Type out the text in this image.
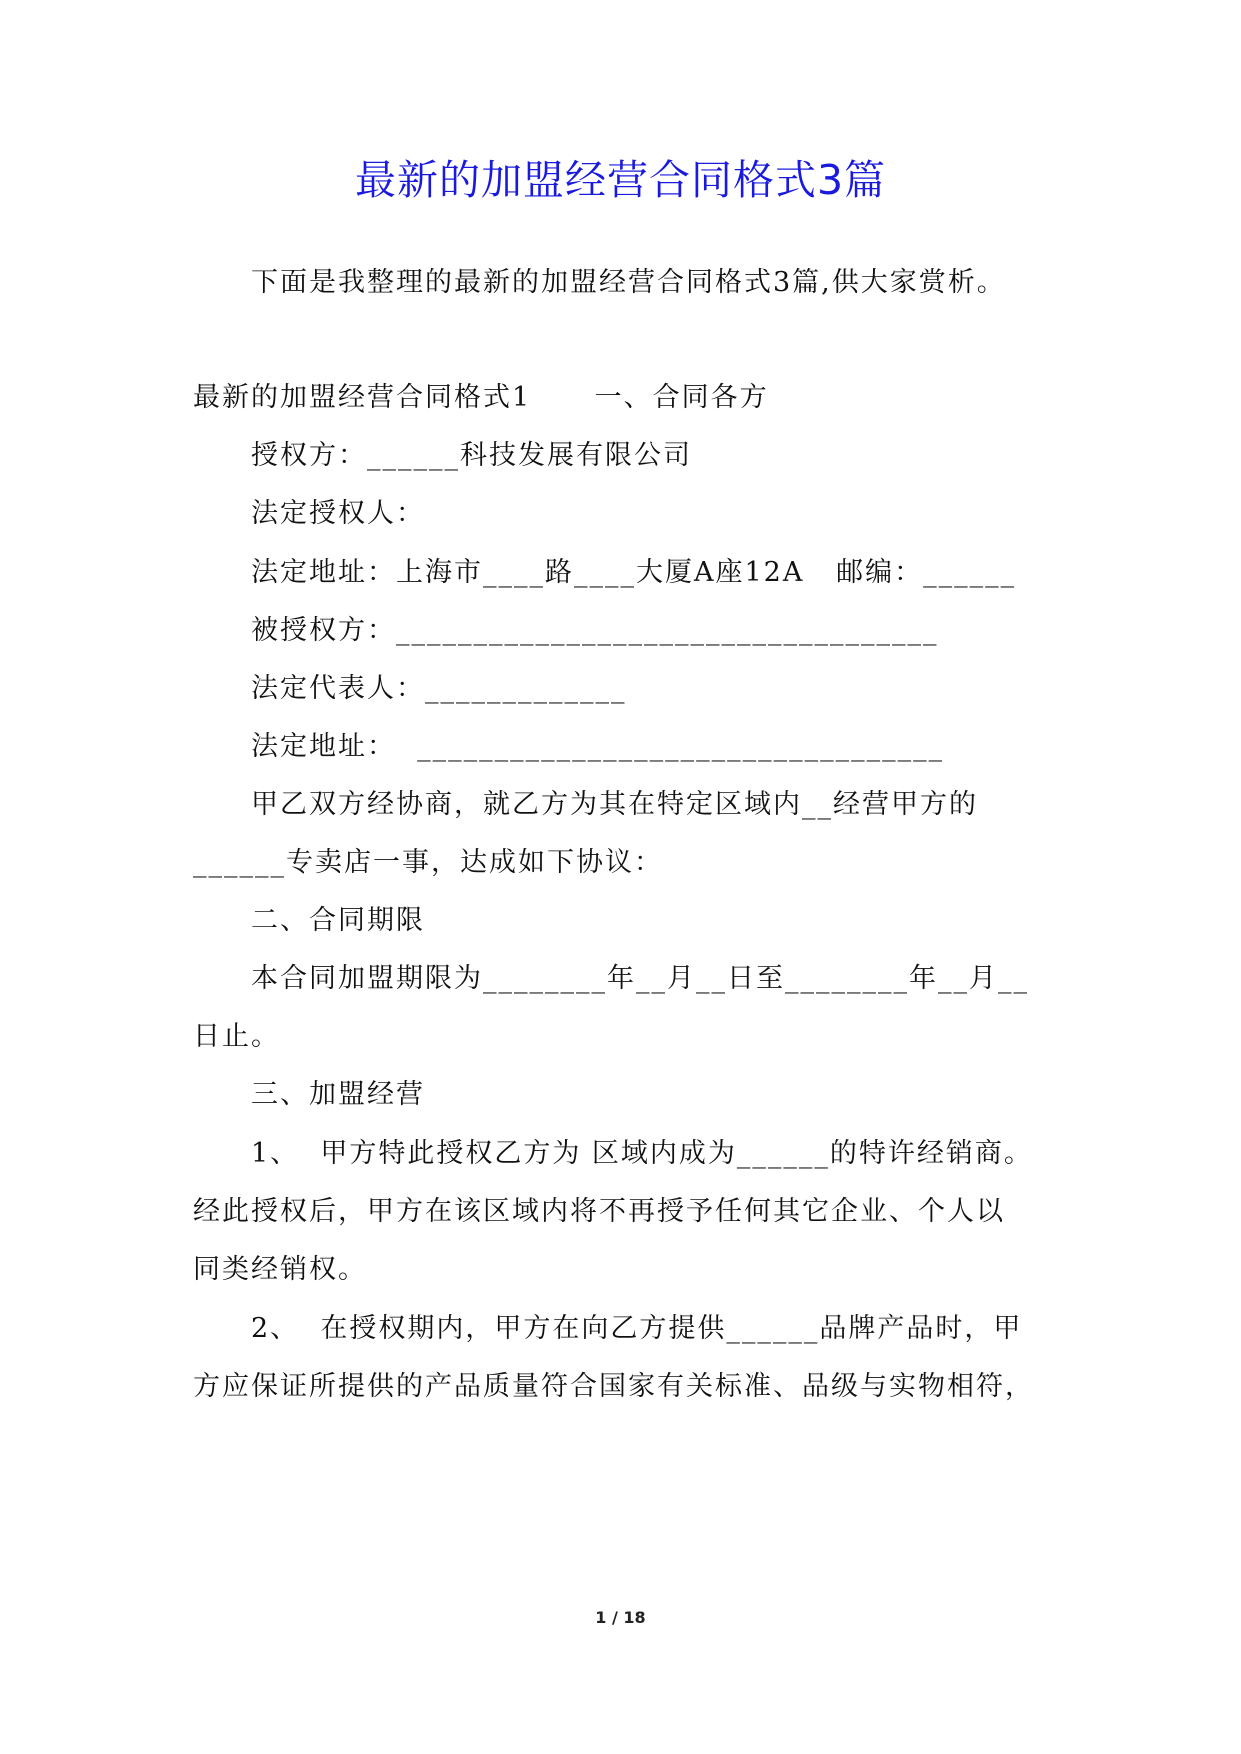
最新的加盟经营合同格式3篇
下面是我整理的最新的加盟经营合同格式3篇,供大家赏析。
最新的加盟经营合同格式1      一、合同各方
授权方：______科技发展有限公司
法定授权人：
法定地址：上海市____路____大厦A座12A   邮编：______
被授权方：___________________________________
法定代表人：_____________
法定地址：  __________________________________
甲乙双方经协商，就乙方为其在特定区域内__经营甲方的
______专卖店一事，达成如下协议：
二、合同期限
本合同加盟期限为________年__月__日至________年__月__
日止。
三、加盟经营
1、  甲方特此授权乙方为 区域内成为______的特许经销商。
经此授权后，甲方在该区域内将不再授予任何其它企业、个人以
同类经销权。
2、  在授权期内，甲方在向乙方提供______品牌产品时，甲
方应保证所提供的产品质量符合国家有关标准、品级与实物相符，
1 / 18
